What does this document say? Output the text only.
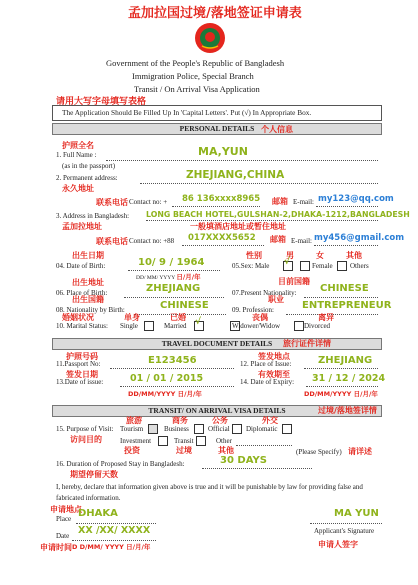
孟加拉国过境/落地签证申请表
Government of the People's Republic of Bangladesh
Immigration Police, Special Branch
Transit / On Arrival Visa Application
请用大写字母填写表格
The Application Should Be Filled Up In 'Capital Letters'. Put (√) In Appropriate Box.
PERSONAL DETAILS 个人信息
护照全名
1. Full Name :	MA,YUN
(as in the passport)
2. Permanent address:
永久地址
ZHEJIANG,CHINA
联系电话 Contact no: + 86 136xxxx8965 邮箱 E-mail: my123@qq.com
3. Address in Bangladesh:
孟加拉地址
LONG BEACH HOTEL,GULSHAN-2,DHAKA-1212,BANGLADESH
一般填酒店地址或暂住地址
联系电话 Contact no: +88 017XXXX5652 邮箱 E-mail: my456@gmail.com
出生日期	性别	男	女	其他
04. Date of Birth:	10/ 9 / 1964
DD/ MM/ YYYY 日/月/年
05.Sex: Male √	Female Others
出生地址	目前国籍
06. Place of Birth:	ZHEJIANG	07.Present Nationality: CHINESE
出生国籍	职业
08. Nationality by Birth:	CHINESE	09. Profession:	ENTREPRENEUR
婚姻状况	单身	已婚	丧偶	离异
10. Marital Status: Single	Married √	Widower/Widow	Divorced
TRAVEL DOCUMENT DETAILS	旅行证件详情
护照号码	签发地点
11.Passport No:	E123456	12. Place of Issue:	ZHEJIANG
签发日期	有效期至
13.Date of issue:	01 / 01 / 2015	14. Date of Expiry: 31 / 12 / 2024
DD/MM/YYYY 日/月/年	DD/MM/YYYY 日/月/年
TRANSIT/ ON ARRIVAL VISA DETAILS	过境/落地签详情
旅游	商务	公务	外交
15. Purpose of Visit:
访问目的
Tourism	Business	Official Diplomatic
Investment	Transit	Other
投资	过境	其他	(Please Specify) 请详述
16. Duration of Proposed Stay in Bangladesh:	30 DAYS
期望停留天数
I, hereby, declare that information given above is true and it will be punishable by law for providing false and
fabricated information.
申请地点
Place DHAKA	MA YUN
Date XX /XX/ XXXX
D D/MM/ YYYY 日/月/年
申请时间
Applicant's Signature
申请人签字
